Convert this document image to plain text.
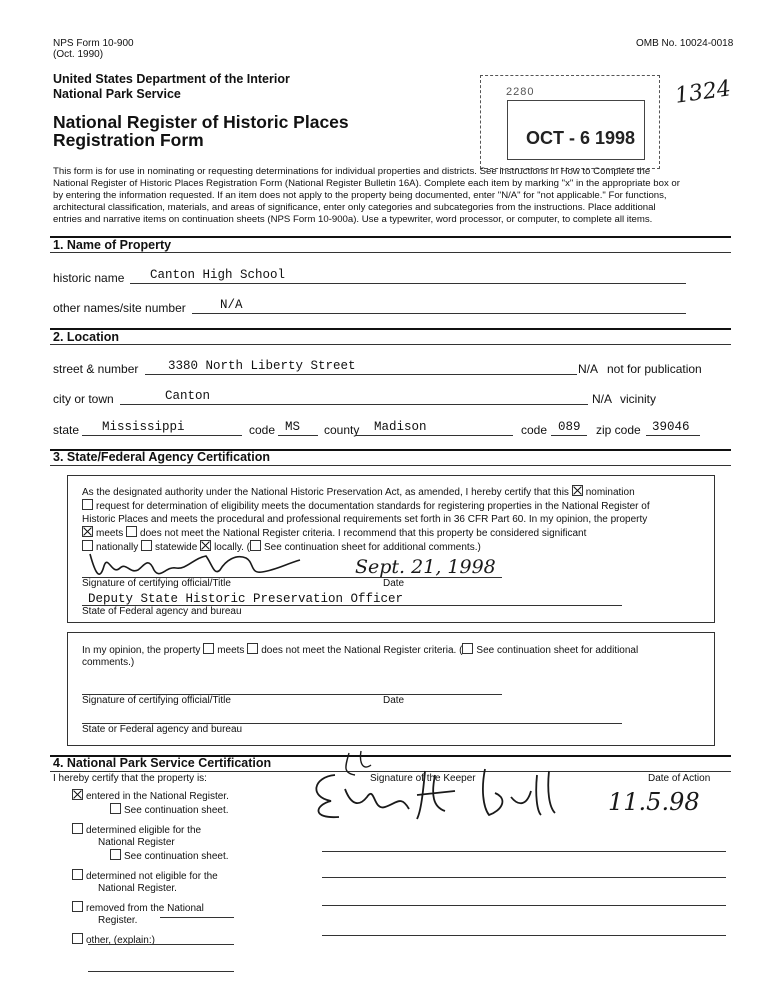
NPS Form 10-900
(Oct. 1990)
OMB No. 10024-0018
United States Department of the Interior
National Park Service
National Register of Historic Places
Registration Form
2280
OCT - 6 1998
1324
This form is for use in nominating or requesting determinations for individual properties and districts. See instructions in How to Complete the
National Register of Historic Places Registration Form (National Register Bulletin 16A). Complete each item by marking "x" in the appropriate box or
by entering the information requested. If an item does not apply to the property being documented, enter "N/A" for "not applicable." For functions,
architectural classification, materials, and areas of significance, enter only categories and subcategories from the instructions. Place additional
entries and narrative items on continuation sheets (NPS Form 10-900a). Use a typewriter, word processor, or computer, to complete all items.
1. Name of Property
historic name Canton High School
other names/site number	N/A
2. Location
street & number 3380 North Liberty Street	N/A not for publication
city or town	Canton	N/A vicinity
state Mississippi	code MS county Madison	code 089 zip code 39046
3. State/Federal Agency Certification
As the designated authority under the National Historic Preservation Act, as amended, I hereby certify that this nomination
request for determination of eligibility meets the documentation standards for registering properties in the National Register of
Historic Places and meets the procedural and professional requirements set forth in 36 CFR Part 60. In my opinion, the property
meets does not meet the National Register criteria. I recommend that this property be considered significant
nationally statewide locally. ( See continuation sheet for additional comments.)
Sept. 21, 1998
Signature of certifying official/Title	Date
Deputy State Historic Preservation Officer
State of Federal agency and bureau
In my opinion, the property meets does not meet the National Register criteria. ( See continuation sheet for additional
comments.)
Signature of certifying official/Title	Date
State or Federal agency and bureau
4. National Park Service Certification
I hereby certify that the property is:	Signature of the Keeper	Date of Action
entered in the National Register.
See continuation sheet.
determined eligible for the
National Register
See continuation sheet.
determined not eligible for the
National Register.
removed from the National
Register.
other, (explain:)
11.5.98
